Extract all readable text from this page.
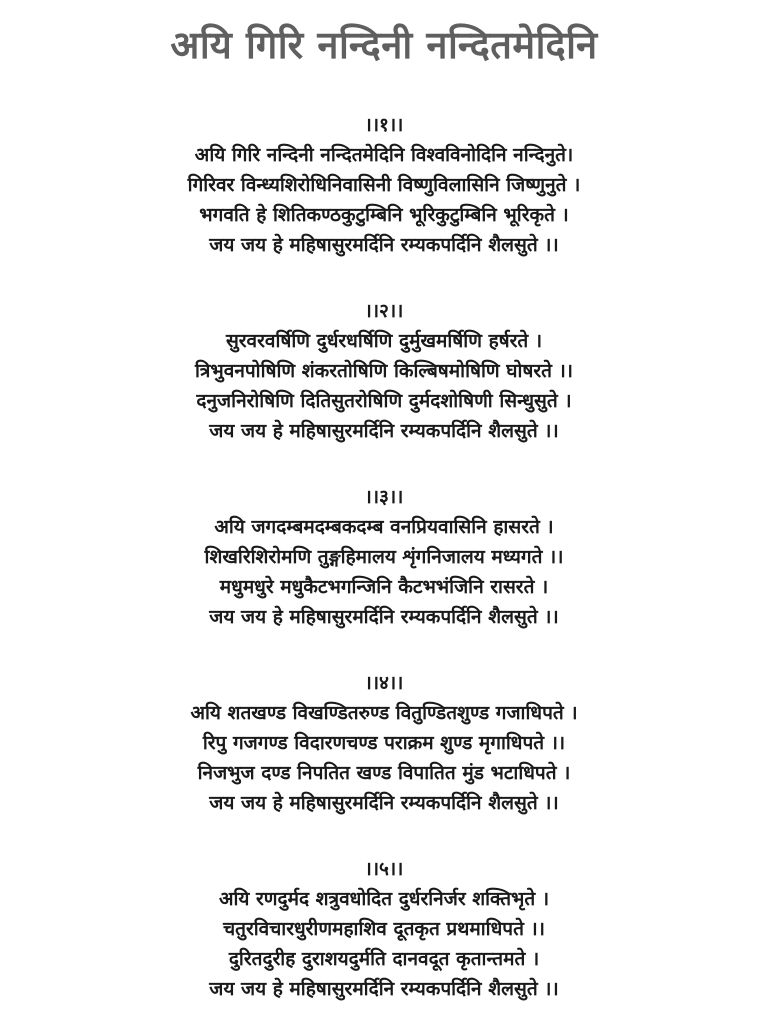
अयि गिरि नन्दिनी नन्दितमेदिनि
।।१।।
अयि गिरि नन्दिनी नन्दितमेदिनि विश्वविनोदिनि नन्दिनुते।
गिरिवर विन्ध्यशिरोधिनिवासिनी विष्णुविलासिनि जिष्णुनुते ।
भगवति हे शितिकण्ठकुटुम्बिनि भूरिकुटुम्बिनि भूरिकृते ।
जय जय हे महिषासुरमर्दिनि रम्यकपर्दिनि शैलसुते ।।
।।२।।
सुरवरवर्षिणि दुर्धरधर्षिणि दुर्मुखमर्षिणि हर्षरते ।
त्रिभुवनपोषिणि शंकरतोषिणि किल्बिषमोषिणि घोषरते ।।
दनुजनिरोषिणि दितिसुतरोषिणि दुर्मदशोषिणी सिन्धुसुते ।
जय जय हे महिषासुरमर्दिनि रम्यकपर्दिनि शैलसुते ।।
।।३।।
अयि जगदम्बमदम्बकदम्ब वनप्रियवासिनि हासरते ।
शिखरिशिरोमणि तुङ्गहिमालय शृंगनिजालय मध्यगते ।।
मधुमधुरे मधुकैटभगन्जिनि कैटभभंजिनि रासरते ।
जय जय हे महिषासुरमर्दिनि रम्यकपर्दिनि शैलसुते ।।
।।४।।
अयि शतखण्ड विखण्डितरुण्ड वितुण्डितशुण्ड गजाधिपते ।
रिपु गजगण्ड विदारणचण्ड पराक्रम शुण्ड मृगाधिपते ।।
निजभुज दण्ड निपतित खण्ड विपातित मुंड भटाधिपते ।
जय जय हे महिषासुरमर्दिनि रम्यकपर्दिनि शैलसुते ।।
।।५।।
अयि रणदुर्मद शत्रुवधोदित दुर्धरनिर्जर शक्तिभृते ।
चतुरविचारधुरीणमहाशिव दूतकृत प्रथमाधिपते ।।
दुरितदुरीह दुराशयदुर्मति दानवदूत कृतान्तमते ।
जय जय हे महिषासुरमर्दिनि रम्यकपर्दिनि शैलसुते ।।
